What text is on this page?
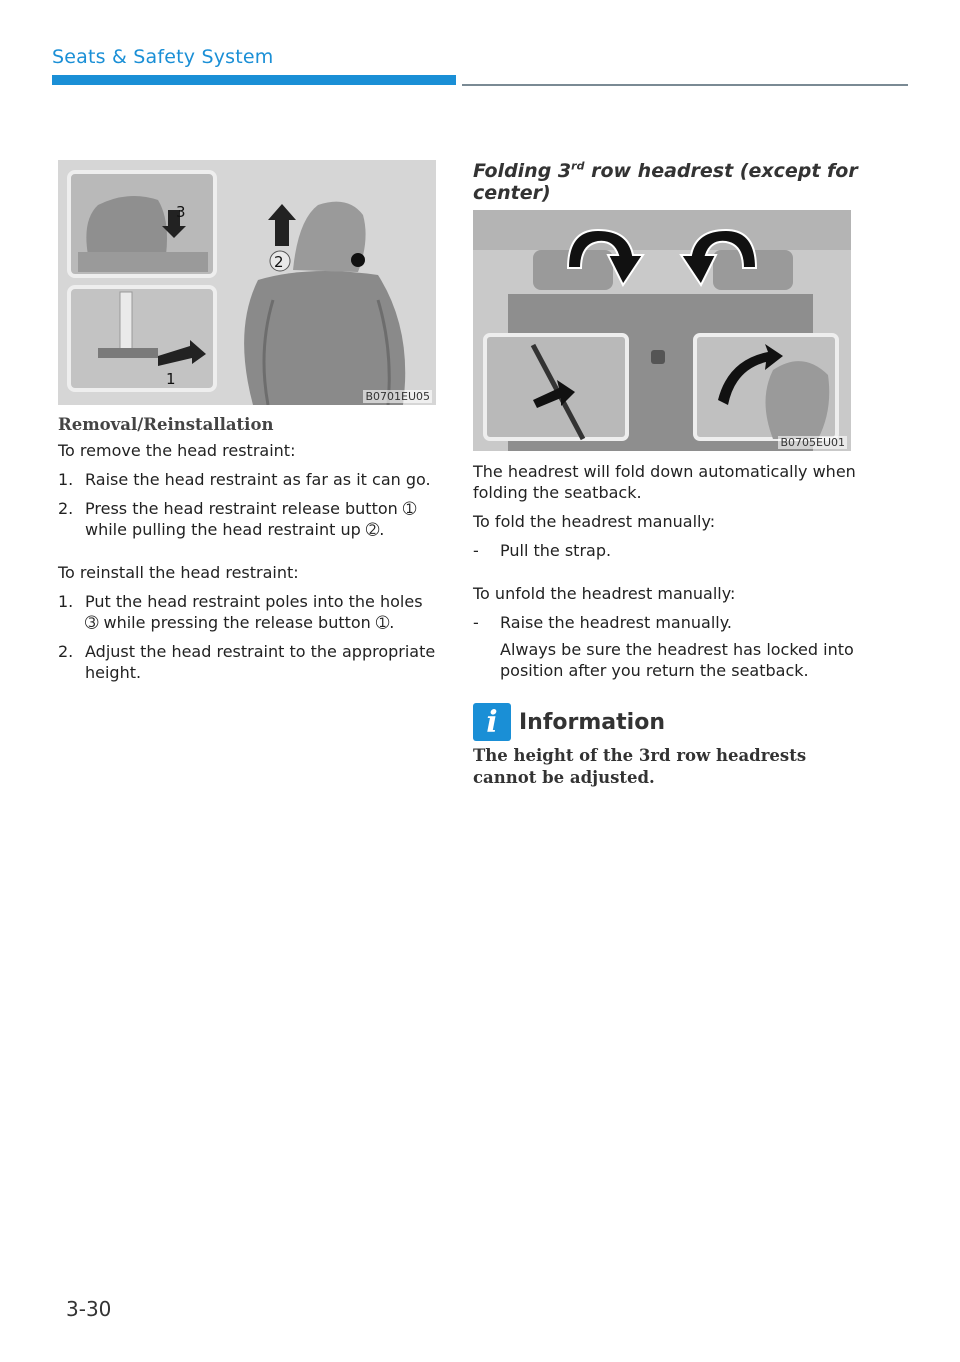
Seats & Safety System
3
1
2
B0701EU05
Removal/Reinstallation

To remove the head restraint:

1. Raise the head restraint as far as it can go.
2. Press the head restraint release button ➀ while pulling the head restraint up ➁.

To reinstall the head restraint:

1. Put the head restraint poles into the holes ➂ while pressing the release button ➀.
2. Adjust the head restraint to the appropriate height.
Folding 3rd row headrest (except for center)
B0705EU01

The headrest will fold down automatically when folding the seatback.

To fold the headrest manually:

- Pull the strap.

To unfold the headrest manually:

- Raise the headrest manually.

Always be sure the headrest has locked into position after you return the seatback.

i Information
The height of the 3rd row headrests cannot be adjusted.
3-30
